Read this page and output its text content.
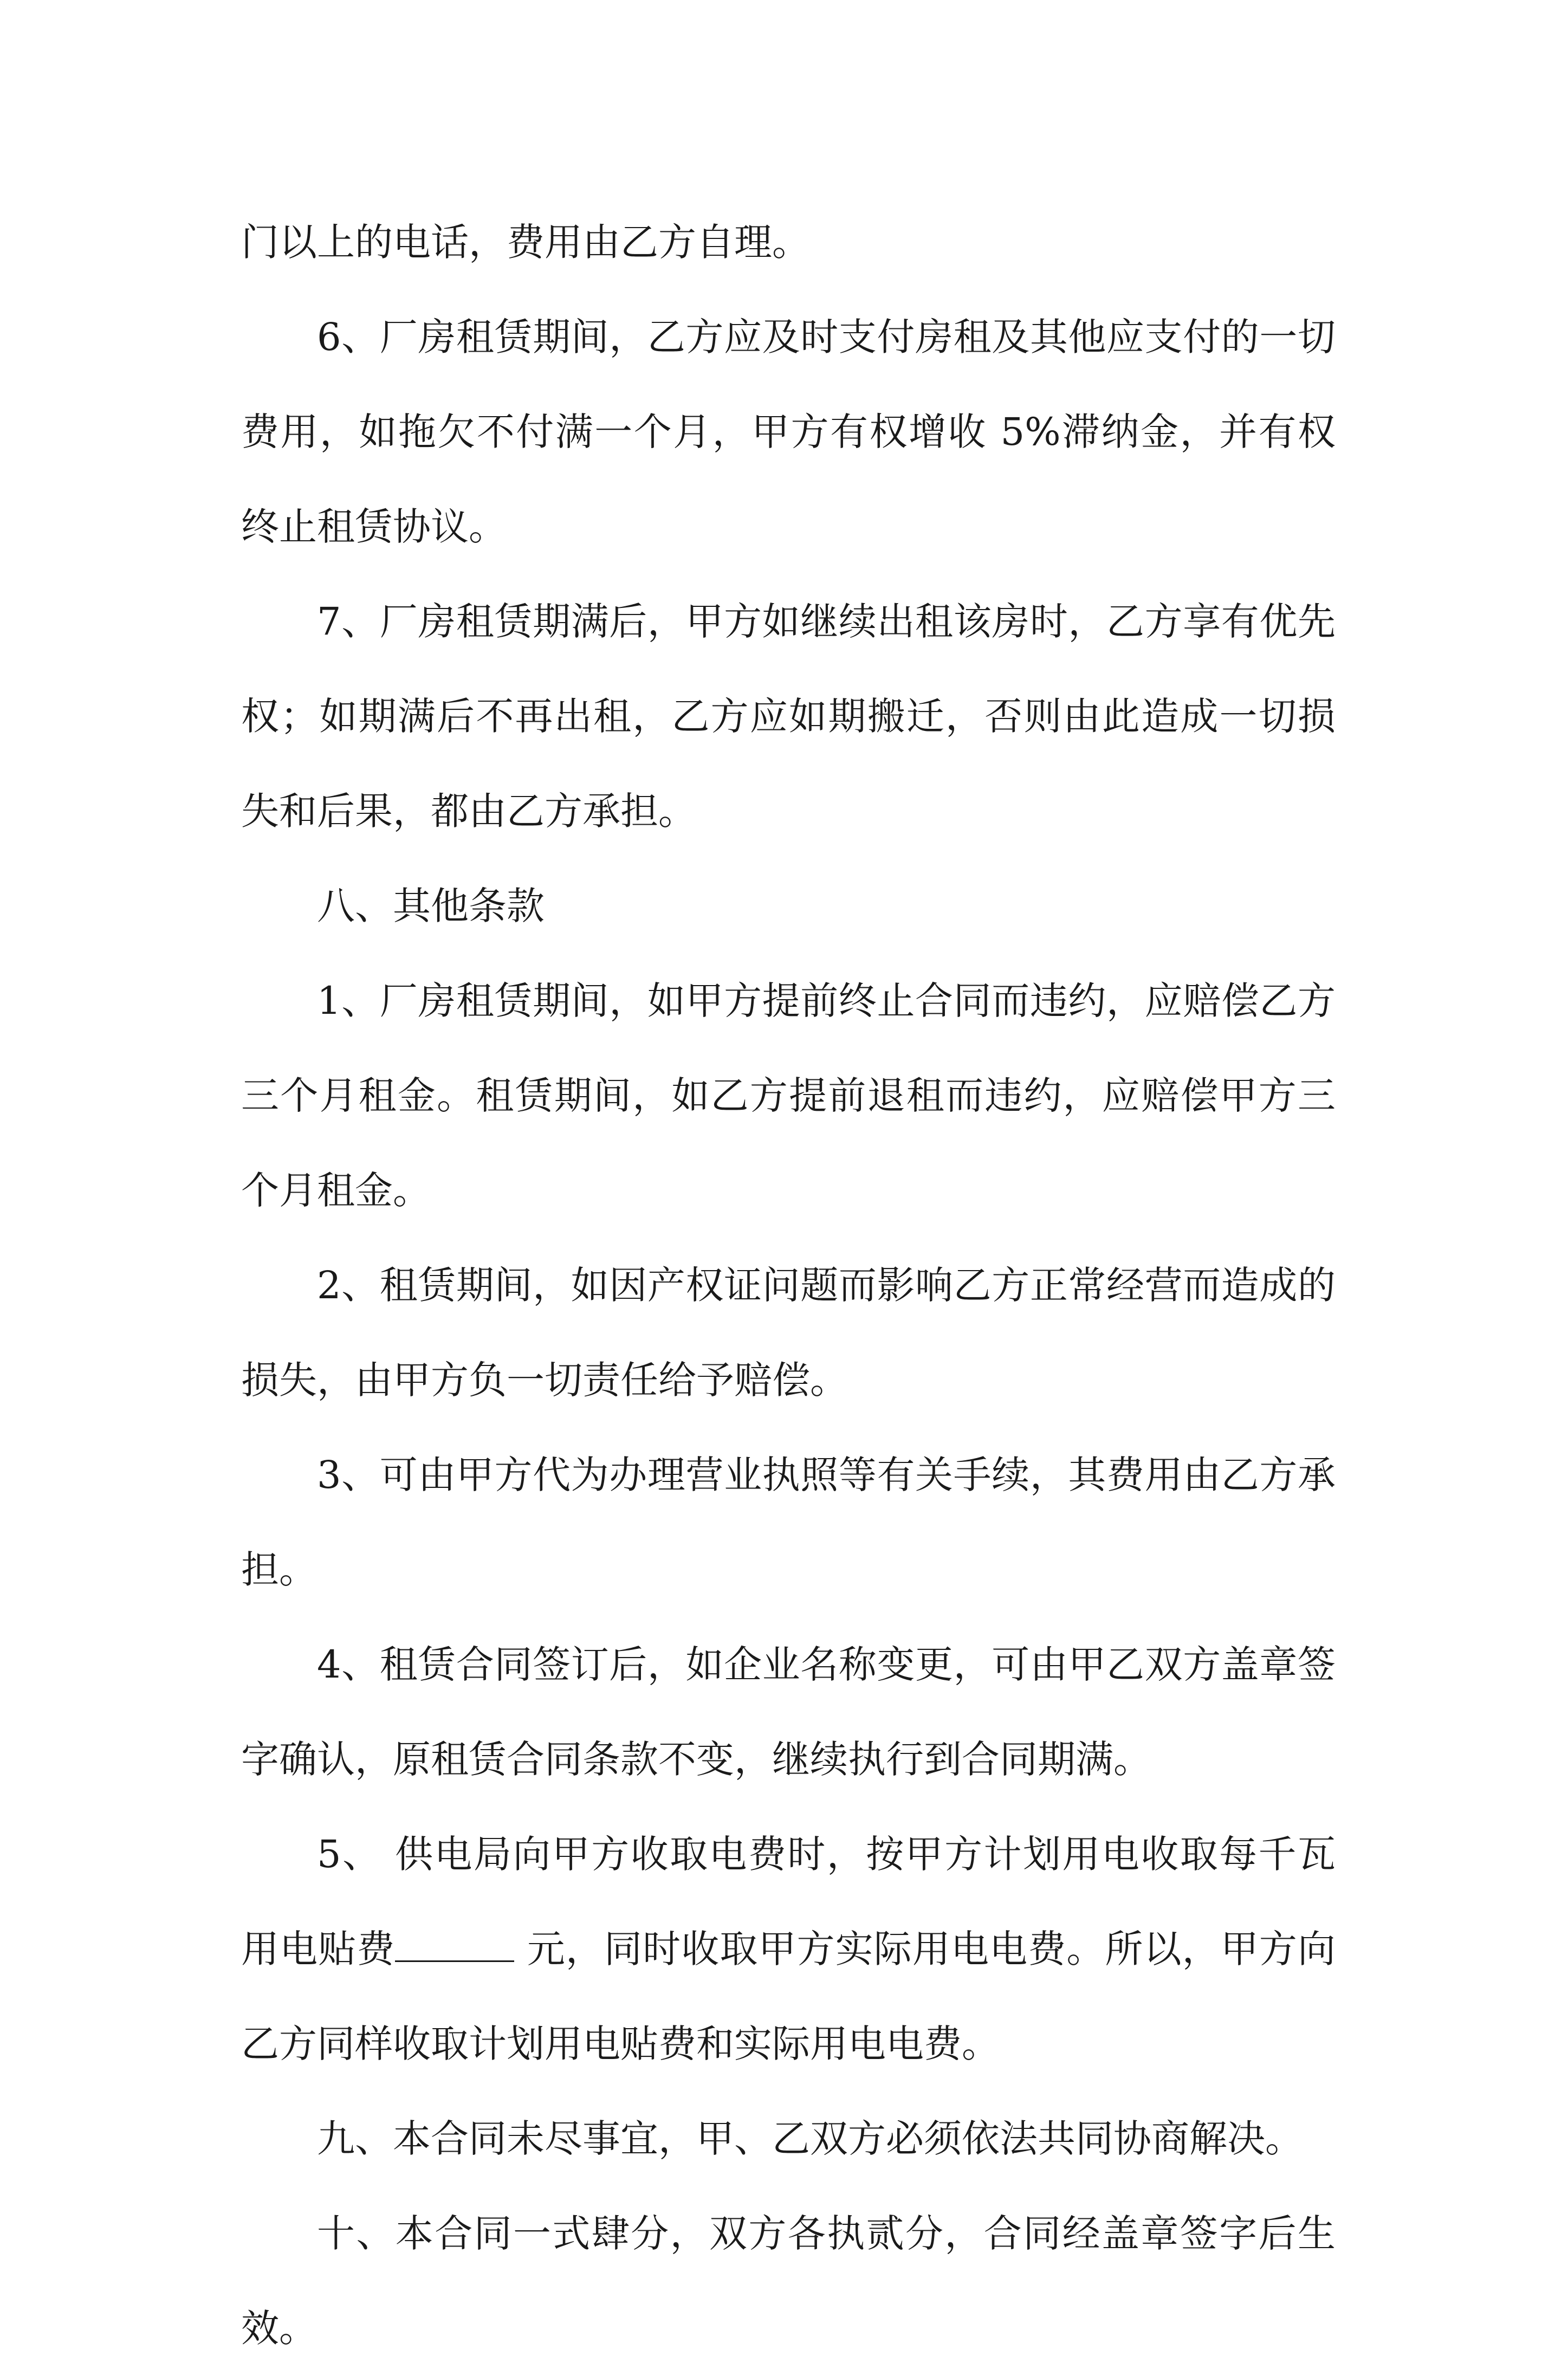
门以上的电话，费用由乙方自理。

6、厂房租赁期间，乙方应及时支付房租及其他应支付的一切费用，如拖欠不付满一个月，甲方有权增收 5%滞纳金，并有权终止租赁协议。

7、厂房租赁期满后，甲方如继续出租该房时，乙方享有优先权；如期满后不再出租，乙方应如期搬迁，否则由此造成一切损失和后果，都由乙方承担。

八、其他条款

1、厂房租赁期间，如甲方提前终止合同而违约，应赔偿乙方三个月租金。租赁期间，如乙方提前退租而违约，应赔偿甲方三个月租金。

2、租赁期间，如因产权证问题而影响乙方正常经营而造成的损失，由甲方负一切责任给予赔偿。

3、可由甲方代为办理营业执照等有关手续，其费用由乙方承担。

4、租赁合同签订后，如企业名称变更，可由甲乙双方盖章签字确认，原租赁合同条款不变，继续执行到合同期满。

5、 供电局向甲方收取电费时，按甲方计划用电收取每千瓦用电贴费	元，同时收取甲方实际用电电费。所以，甲方向乙方同样收取计划用电贴费和实际用电电费。

九、本合同未尽事宜，甲、乙双方必须依法共同协商解决。

十、本合同一式肆分，双方各执贰分，合同经盖章签字后生效。
